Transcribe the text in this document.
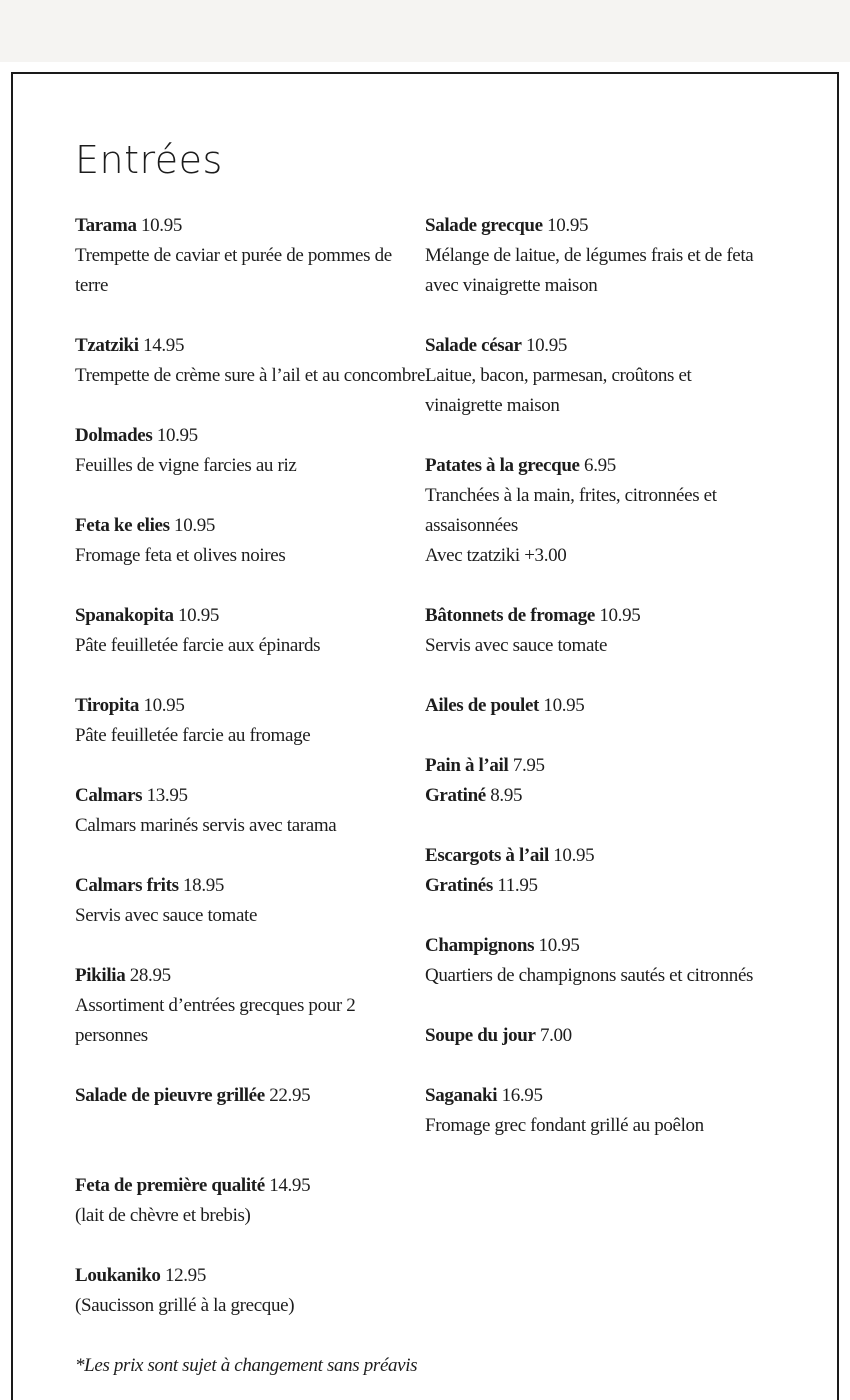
Entrées
Tarama 10.95
Trempette de caviar et purée de pommes de
terre
Tzatziki 14.95
Trempette de crème sure à l’ail et au concombre
Dolmades 10.95
Feuilles de vigne farcies au riz
Feta ke elies 10.95
Fromage feta et olives noires
Spanakopita 10.95
Pâte feuilletée farcie aux épinards
Tiropita 10.95
Pâte feuilletée farcie au fromage
Calmars 13.95
Calmars marinés servis avec tarama
Calmars frits 18.95
Servis avec sauce tomate
Pikilia 28.95
Assortiment d’entrées grecques pour 2
personnes
Salade de pieuvre grillée 22.95
Feta de première qualité 14.95
(lait de chèvre et brebis)
Loukaniko 12.95
(Saucisson grillé à la grecque)
Salade grecque 10.95
Mélange de laitue, de légumes frais et de feta
avec vinaigrette maison
Salade césar 10.95
Laitue, bacon, parmesan, croûtons et
vinaigrette maison
Patates à la grecque 6.95
Tranchées à la main, frites, citronnées et
assaisonnées
Avec tzatziki +3.00
Bâtonnets de fromage 10.95
Servis avec sauce tomate
Ailes de poulet 10.95
Pain à l’ail 7.95
Gratiné 8.95
Escargots à l’ail 10.95
Gratinés 11.95
Champignons 10.95
Quartiers de champignons sautés et citronnés
Soupe du jour 7.00
Saganaki 16.95
Fromage grec fondant grillé au poêlon
*Les prix sont sujet à changement sans préavis
